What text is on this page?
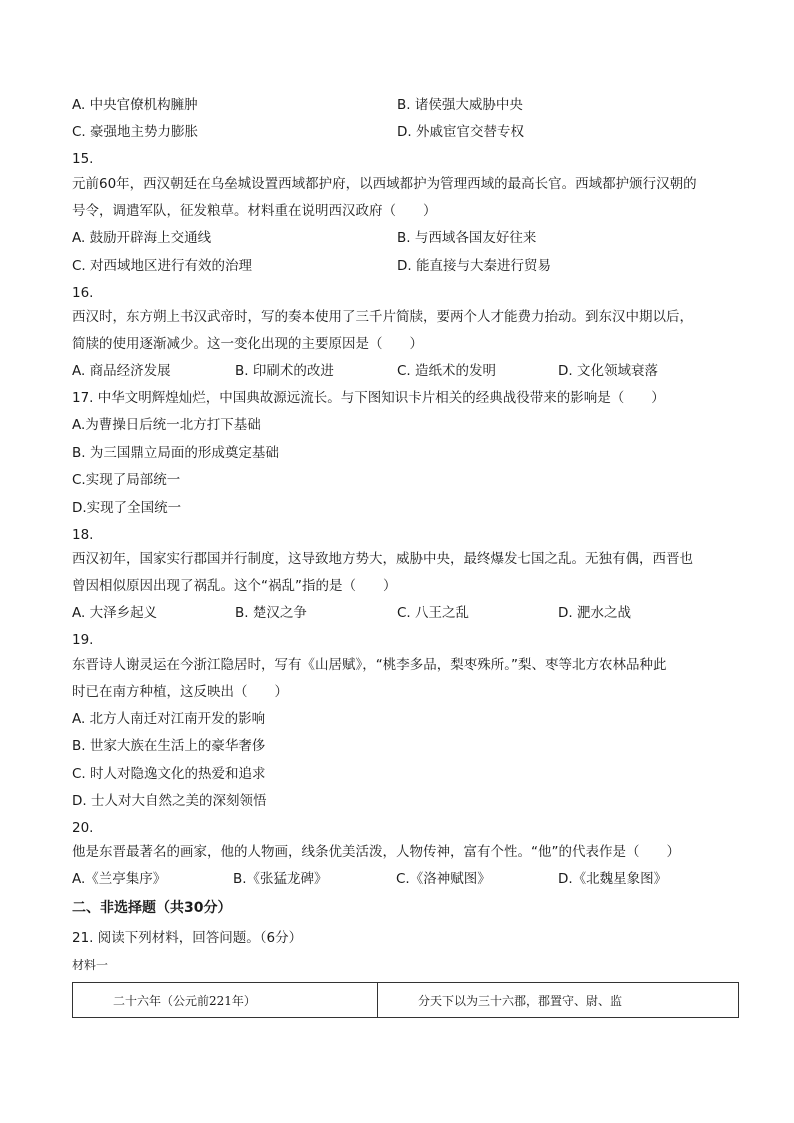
A. 中央官僚机构臃肿	B. 诸侯强大威胁中央
C. 豪强地主势力膨胀	D. 外戚宦官交替专权
15.
元前60年，西汉朝廷在乌垒城设置西域都护府，以西域都护为管理西域的最高长官。西域都护颁行汉朝的
号令，调遣军队，征发粮草。材料重在说明西汉政府（　　）
A. 鼓励开辟海上交通线	B. 与西域各国友好往来
C. 对西域地区进行有效的治理	D. 能直接与大秦进行贸易
16.
西汉时，东方朔上书汉武帝时，写的奏本使用了三千片简牍，要两个人才能费力抬动。到东汉中期以后，
简牍的使用逐渐减少。这一变化出现的主要原因是（　　）
A. 商品经济发展	B. 印刷术的改进	C. 造纸术的发明	D. 文化领域衰落
17. 中华文明辉煌灿烂，中国典故源远流长。与下图知识卡片相关的经典战役带来的影响是（　　）
A.为曹操日后统一北方打下基础
B. 为三国鼎立局面的形成奠定基础
C.实现了局部统一
D.实现了全国统一
18.
西汉初年，国家实行郡国并行制度，这导致地方势大，威胁中央，最终爆发七国之乱。无独有偶，西晋也
曾因相似原因出现了祸乱。这个“祸乱”指的是（　　）
A. 大泽乡起义	B. 楚汉之争	C. 八王之乱	D. 淝水之战
19.
东晋诗人谢灵运在今浙江隐居时，写有《山居赋》，“桃李多品，梨枣殊所。”梨、枣等北方农林品种此
时已在南方种植，这反映出（　　）
A. 北方人南迁对江南开发的影响
B. 世家大族在生活上的豪华奢侈
C. 时人对隐逸文化的热爱和追求
D. 士人对大自然之美的深刻领悟
20.
他是东晋最著名的画家，他的人物画，线条优美活泼，人物传神，富有个性。“他”的代表作是（　　）
A.《兰亭集序》	B.《张猛龙碑》	C.《洛神赋图》	D.《北魏星象图》
二、非选择题（共30分）
21. 阅读下列材料，回答问题。（6分）
材料一
二十六年（公元前221年）	分天下以为三十六郡，郡置守、尉、监
